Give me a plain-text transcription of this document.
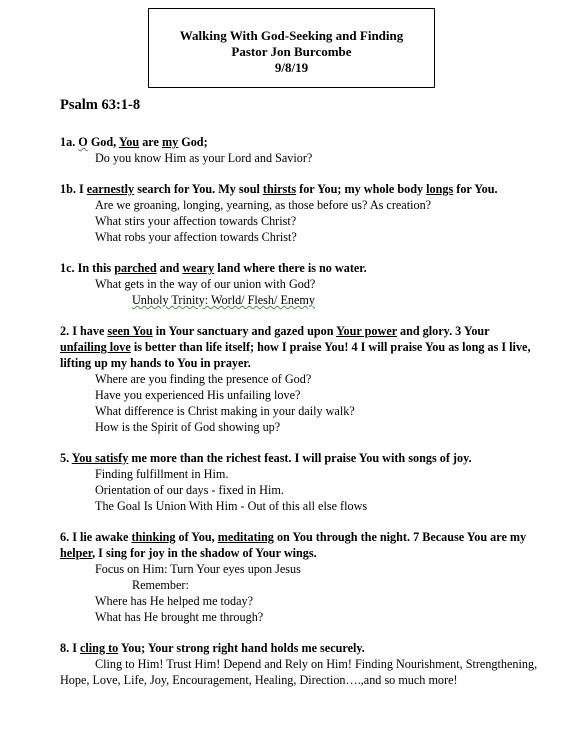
Walking With God-Seeking and Finding
Pastor Jon Burcombe
9/8/19
Psalm 63:1-8
1a. O God, You are my God;
Do you know Him as your Lord and Savior?
1b. I earnestly search for You. My soul thirsts for You; my whole body longs for You.
Are we groaning, longing, yearning, as those before us? As creation?
What stirs your affection towards Christ?
What robs your affection towards Christ?
1c. In this parched and weary land where there is no water.
What gets in the way of our union with God?
Unholy Trinity: World/ Flesh/ Enemy
2. I have seen You in Your sanctuary and gazed upon Your power and glory. 3 Your unfailing love is better than life itself; how I praise You! 4 I will praise You as long as I live, lifting up my hands to You in prayer.
Where are you finding the presence of God?
Have you experienced His unfailing love?
What difference is Christ making in your daily walk?
How is the Spirit of God showing up?
5. You satisfy me more than the richest feast. I will praise You with songs of joy.
Finding fulfillment in Him.
Orientation of our days - fixed in Him.
The Goal Is Union With Him - Out of this all else flows
6. I lie awake thinking of You, meditating on You through the night. 7 Because You are my helper, I sing for joy in the shadow of Your wings.
Focus on Him: Turn Your eyes upon Jesus
Remember:
Where has He helped me today?
What has He brought me through?
8. I cling to You; Your strong right hand holds me securely.
Cling to Him! Trust Him! Depend and Rely on Him! Finding Nourishment, Strengthening, Hope, Love, Life, Joy, Encouragement, Healing, Direction….,and so much more!
